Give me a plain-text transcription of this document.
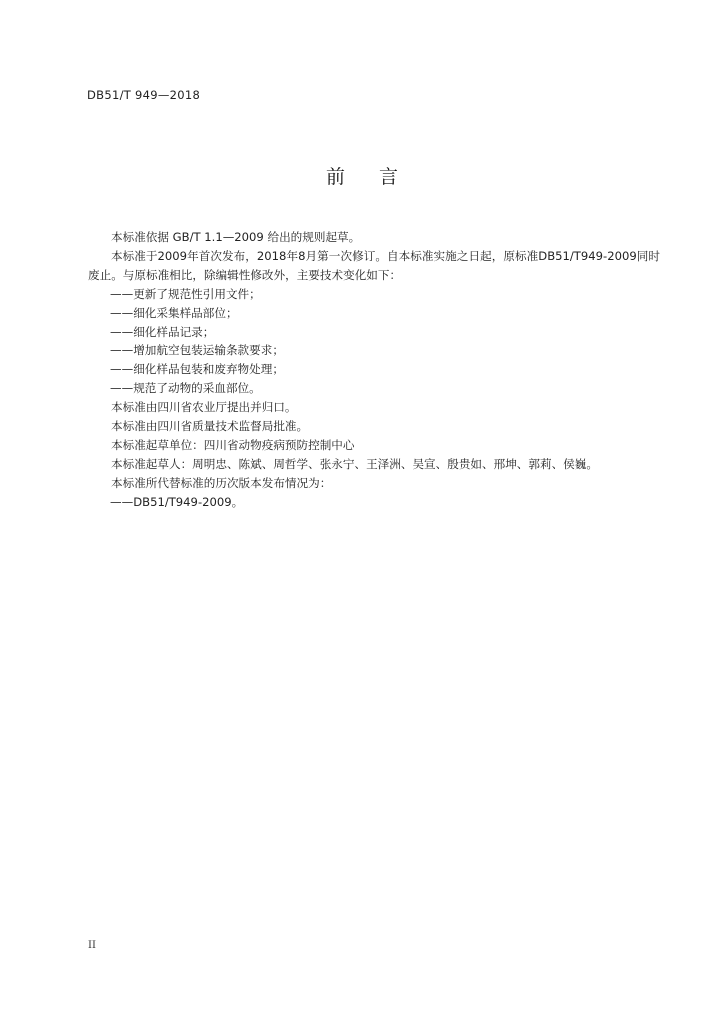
DB51/T 949—2018
前言

本标准依据 GB/T 1.1—2009 给出的规则起草。

本标准于2009年首次发布，2018年8月第一次修订。自本标准实施之日起，原标准DB51/T949-2009同时废止。与原标准相比，除编辑性修改外，主要技术变化如下：

——更新了规范性引用文件；

——细化采集样品部位；

——细化样品记录；

——增加航空包装运输条款要求；

——细化样品包装和废弃物处理；

——规范了动物的采血部位。

本标准由四川省农业厅提出并归口。

本标准由四川省质量技术监督局批准。

本标准起草单位：四川省动物疫病预防控制中心

本标准起草人：周明忠、陈斌、周哲学、张永宁、王泽洲、吴宣、殷贵如、邢坤、郭莉、侯巍。

本标准所代替标准的历次版本发布情况为：

——DB51/T949-2009。

II
